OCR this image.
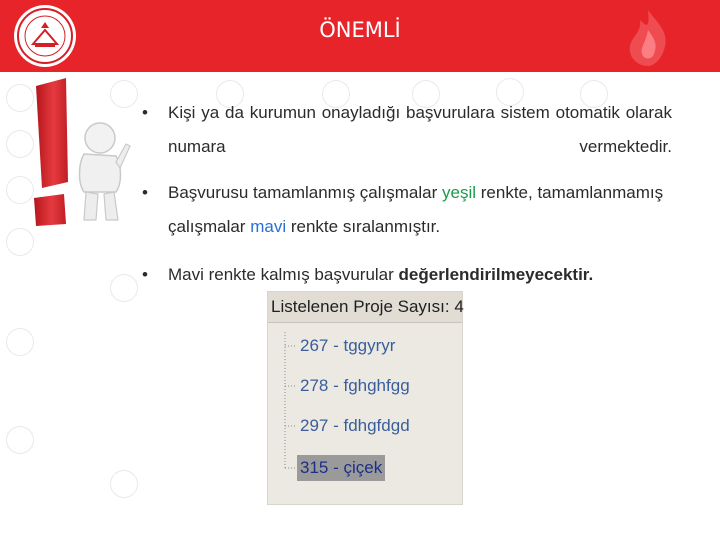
ÖNEMLİ
• Kişi ya da kurumun onayladığı başvurulara sistem otomatik olarak numara vermektedir.
• Başvurusu tamamlanmış çalışmalar yeşil renkte, tamamlanmamış çalışmalar mavi renkte sıralanmıştır.
• Mavi renkte kalmış başvurular değerlendirilmeyecektir.
Listelenen Proje Sayısı: 4
267 - tggyryr
278 - fghghfgg
297 - fdhgfdgd
315 - çiçek
